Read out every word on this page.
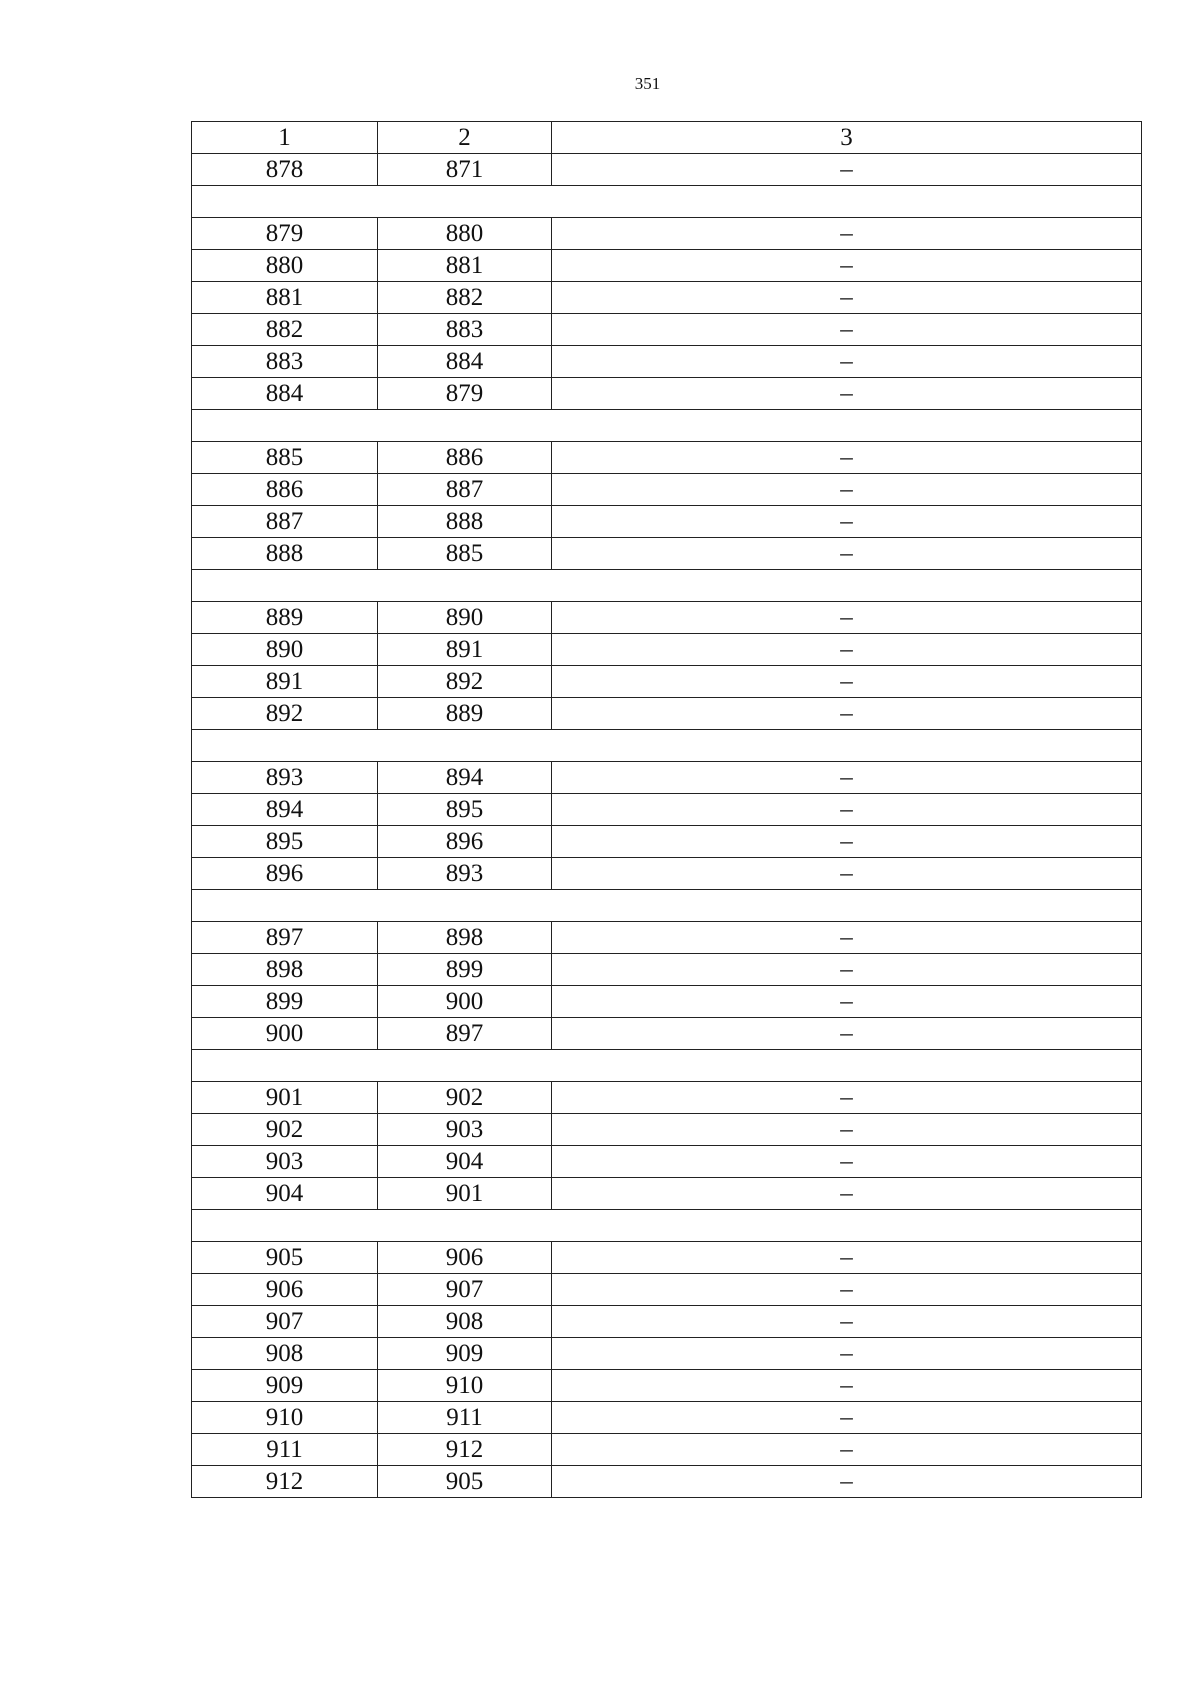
351
1	2	3
878	871	–

879	880	–
880	881	–
881	882	–
882	883	–
883	884	–
884	879	–

885	886	–
886	887	–
887	888	–
888	885	–

889	890	–
890	891	–
891	892	–
892	889	–

893	894	–
894	895	–
895	896	–
896	893	–

897	898	–
898	899	–
899	900	–
900	897	–

901	902	–
902	903	–
903	904	–
904	901	–

905	906	–
906	907	–
907	908	–
908	909	–
909	910	–
910	911	–
911	912	–
912	905	–
